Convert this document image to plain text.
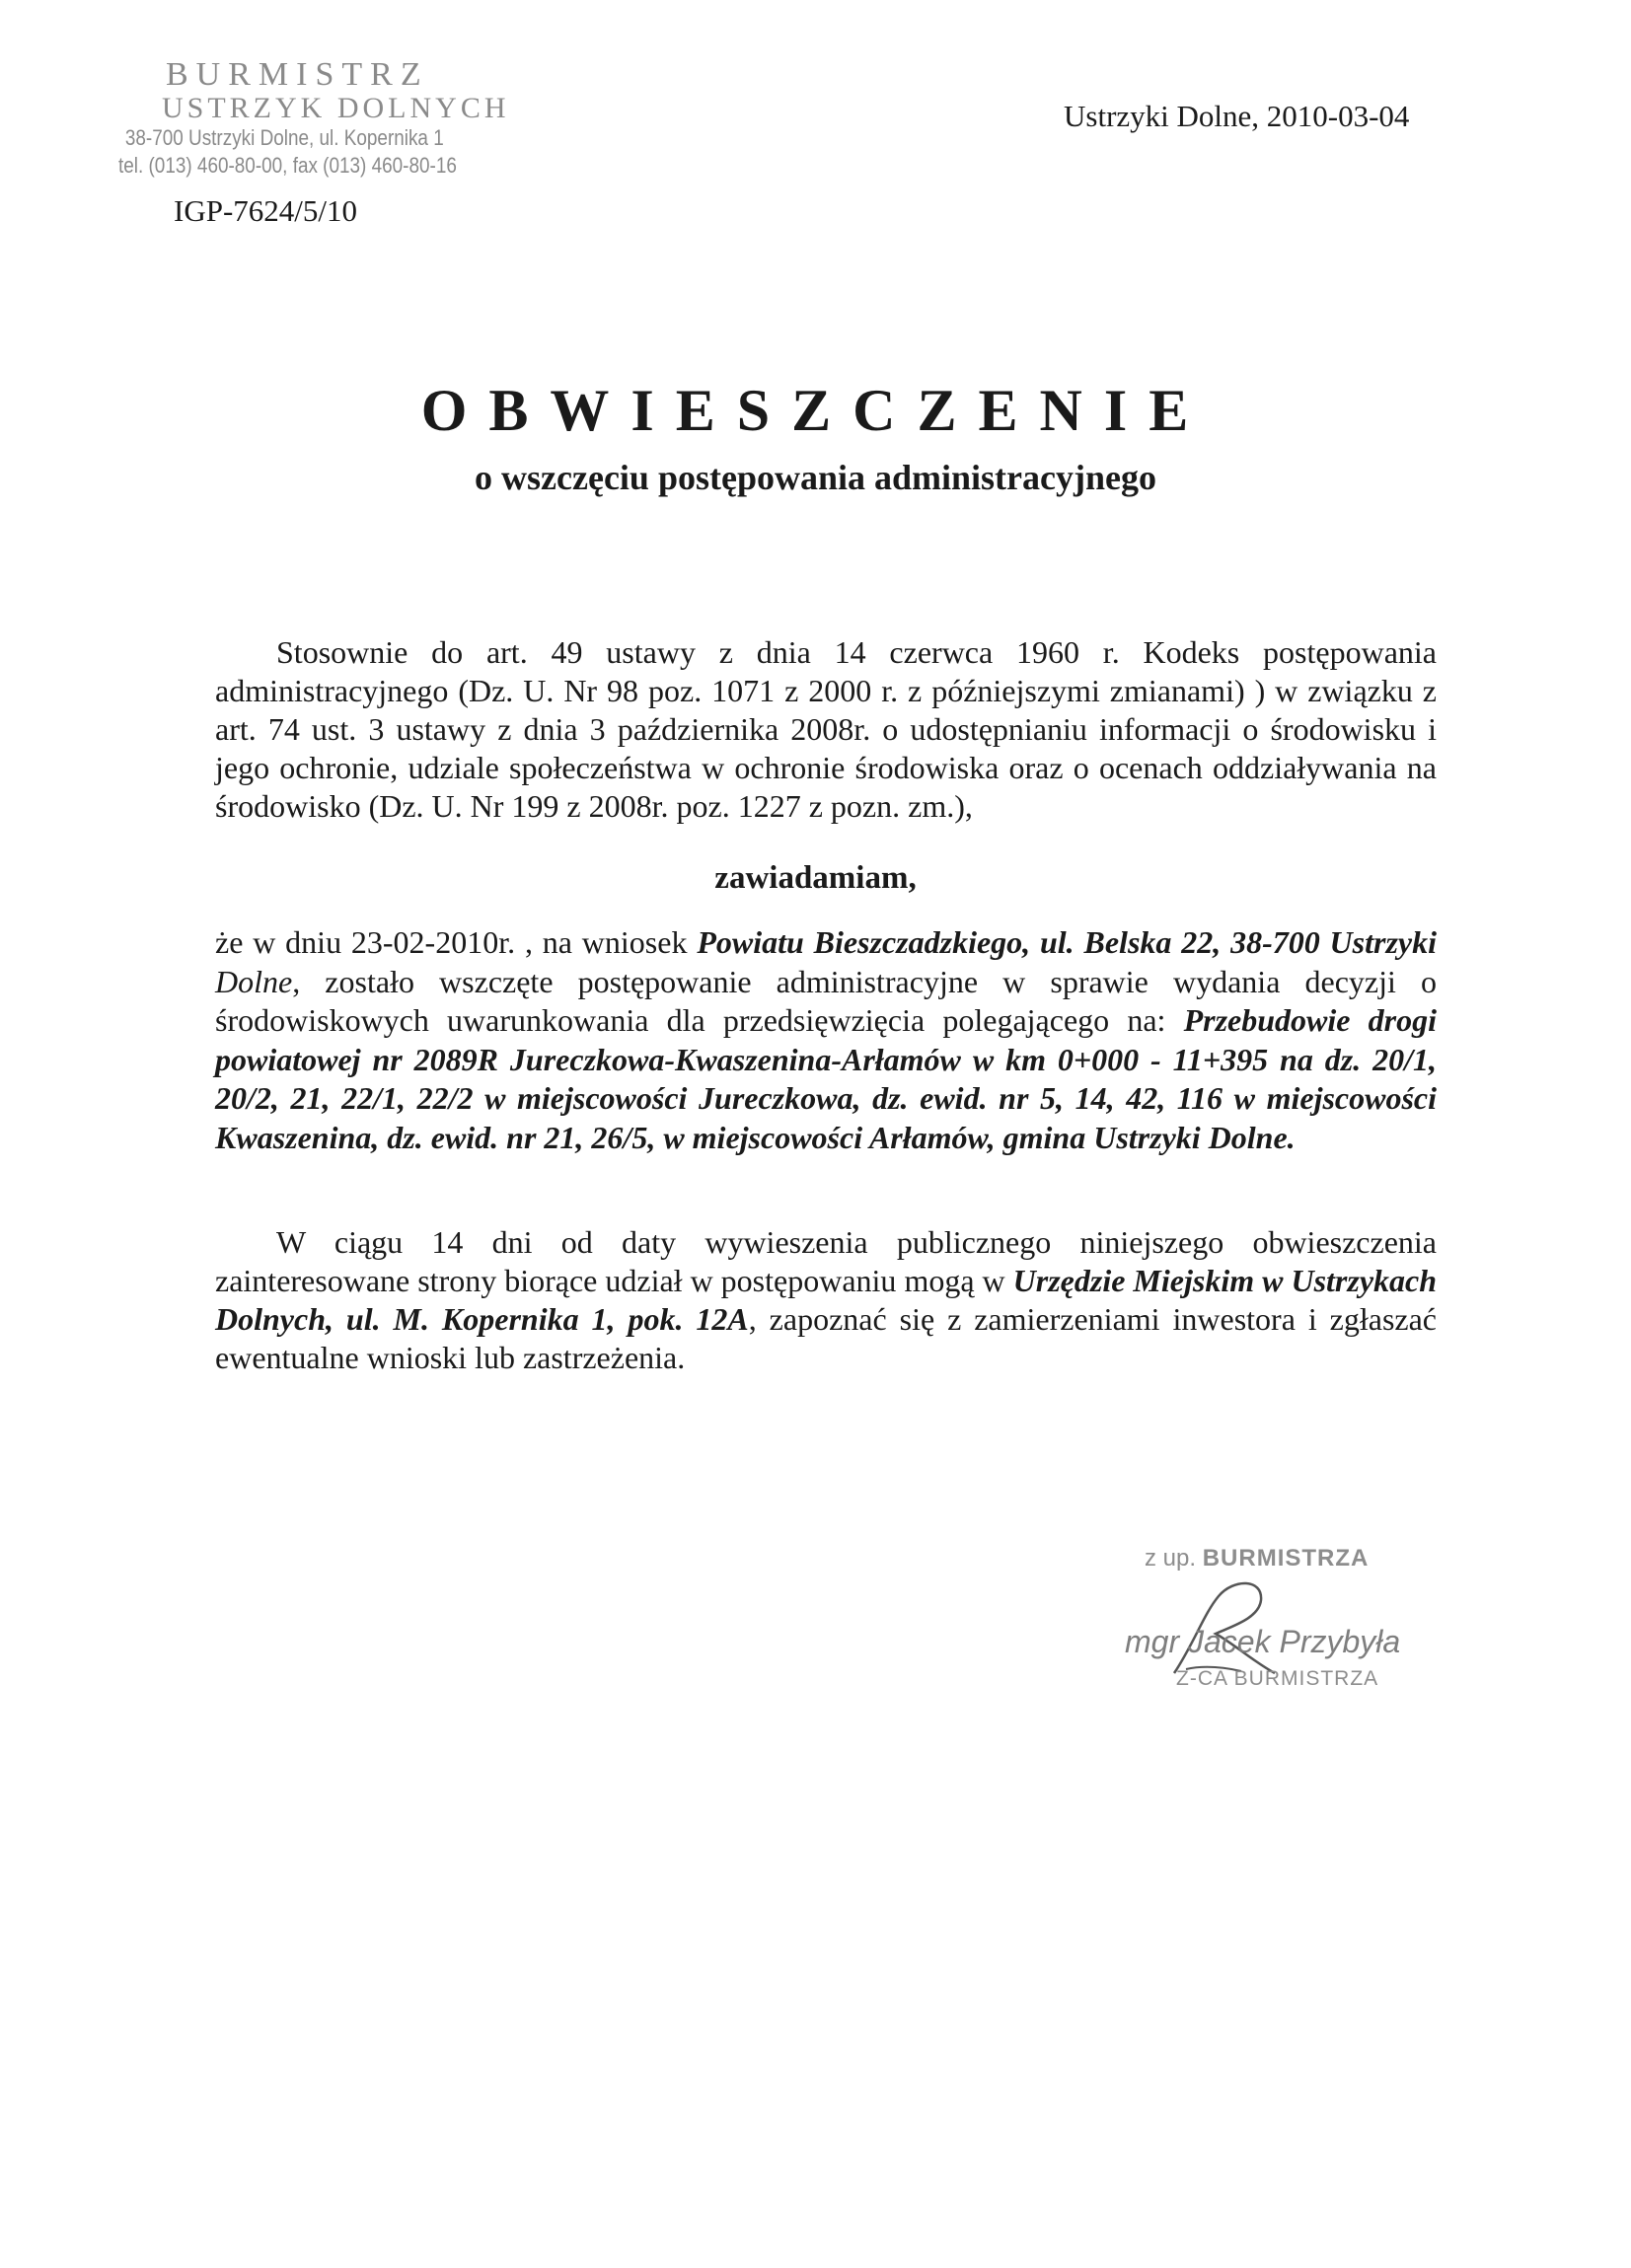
BURMISTRZ
USTRZYK DOLNYCH
38-700 Ustrzyki Dolne, ul. Kopernika 1
tel. (013) 460-80-00, fax (013) 460-80-16
Ustrzyki Dolne, 2010-03-04
IGP-7624/5/10
OBWIESZCZENIE
o wszczęciu postępowania administracyjnego
Stosownie do art. 49 ustawy z dnia 14 czerwca 1960 r. Kodeks postępowania administracyjnego (Dz. U. Nr 98 poz. 1071 z 2000 r. z późniejszymi zmianami) ) w związku z art. 74 ust. 3 ustawy z dnia 3 października 2008r. o udostępnianiu informacji o środowisku i jego ochronie, udziale społeczeństwa w ochronie środowiska oraz o ocenach oddziaływania na środowisko (Dz. U. Nr 199 z 2008r. poz. 1227 z pozn. zm.),
zawiadamiam,
że w dniu 23-02-2010r. , na wniosek Powiatu Bieszczadzkiego, ul. Belska 22, 38-700 Ustrzyki Dolne, zostało wszczęte postępowanie administracyjne w sprawie wydania decyzji o środowiskowych uwarunkowania dla przedsięwzięcia polegającego na: Przebudowie drogi powiatowej nr 2089R Jureczkowa-Kwaszenina-Arłamów w km 0+000 - 11+395 na dz. 20/1, 20/2, 21, 22/1, 22/2 w miejscowości Jureczkowa, dz. ewid. nr 5, 14, 42, 116 w miejscowości Kwaszenina, dz. ewid. nr 21, 26/5, w miejscowości Arłamów, gmina Ustrzyki Dolne.
W ciągu 14 dni od daty wywieszenia publicznego niniejszego obwieszczenia zainteresowane strony biorące udział w postępowaniu mogą w Urzędzie Miejskim w Ustrzykach Dolnych, ul. M. Kopernika 1, pok. 12A, zapoznać się z zamierzeniami inwestora i zgłaszać ewentualne wnioski lub zastrzeżenia.
z up. BURMISTRZA
mgr Jacek Przybyła
Z-CA BURMISTRZA
